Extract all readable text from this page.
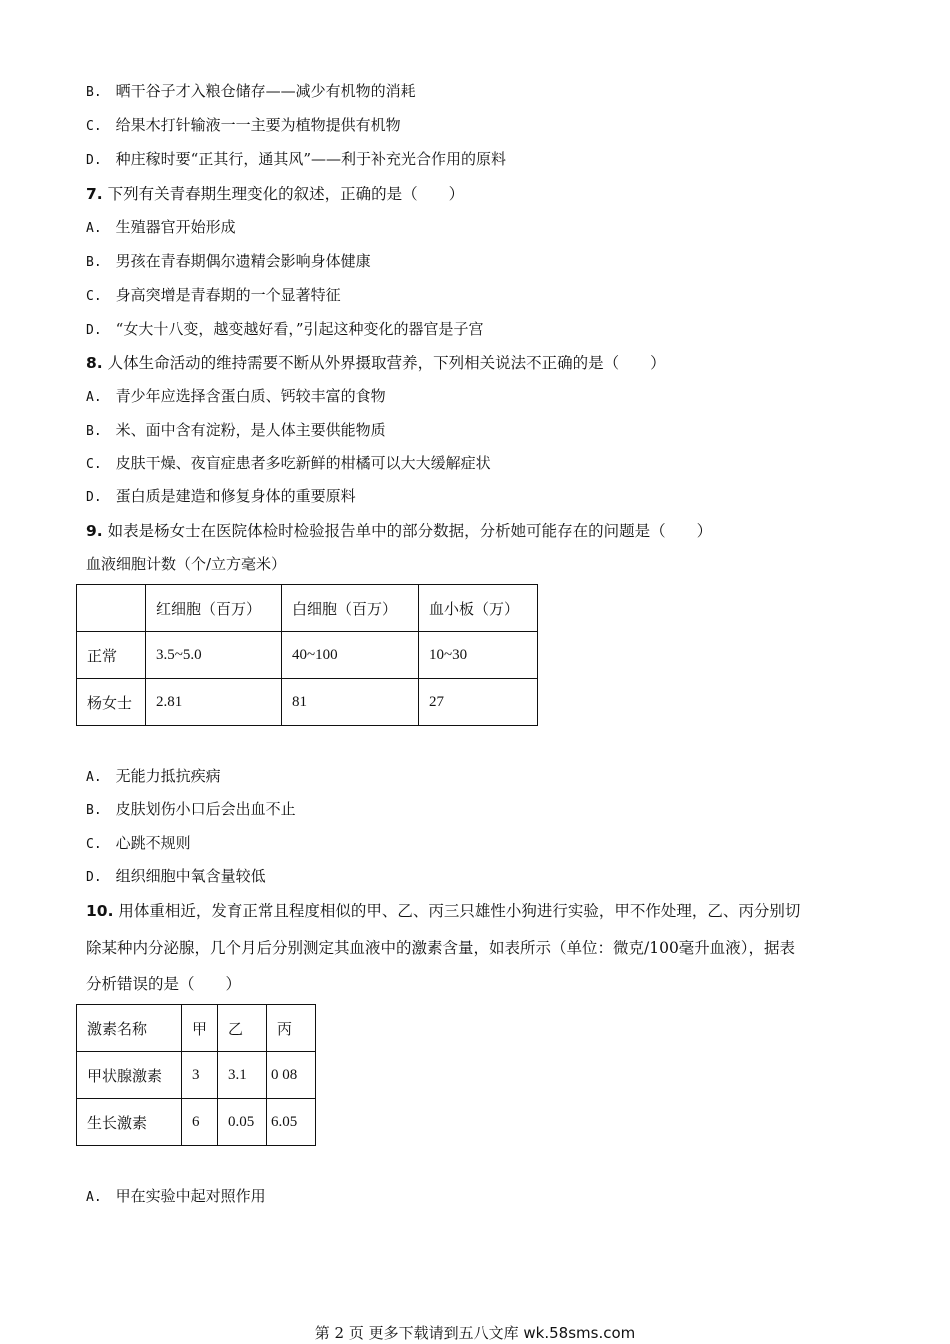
B. 晒干谷子才入粮仓储存——减少有机物的消耗
C. 给果木打针输液一一主要为植物提供有机物
D. 种庄稼时要“正其行，通其风”——利于补充光合作用的原料
7. 下列有关青春期生理变化的叙述，正确的是（　　）
A. 生殖器官开始形成
B. 男孩在青春期偶尔遗精会影响身体健康
C. 身高突增是青春期的一个显著特征
D. “女大十八变，越变越好看，”引起这种变化的器官是子宫
8. 人体生命活动的维持需要不断从外界摄取营养，下列相关说法不正确的是（　　）
A. 青少年应选择含蛋白质、钙较丰富的食物
B. 米、面中含有淀粉，是人体主要供能物质
C. 皮肤干燥、夜盲症患者多吃新鲜的柑橘可以大大缓解症状
D. 蛋白质是建造和修复身体的重要原料
9. 如表是杨女士在医院体检时检验报告单中的部分数据，分析她可能存在的问题是（　　）
血液细胞计数（个/立方毫米）
	红细胞（百万）	白细胞（百万）	血小板（万）
正常	3.5~5.0	40~100	10~30
杨女士	2.81	81	27
A. 无能力抵抗疾病
B. 皮肤划伤小口后会出血不止
C. 心跳不规则
D. 组织细胞中氧含量较低
10. 用体重相近，发育正常且程度相似的甲、乙、丙三只雄性小狗进行实验，甲不作处理，乙、丙分别切
除某种内分泌腺，几个月后分别测定其血液中的激素含量，如表所示（单位：微克/100毫升血液），据表
分析错误的是（　　）
激素名称	甲	乙	丙
甲状腺激素	3	3.1	0 08
生长激素	6	0.05	6.05
A. 甲在实验中起对照作用
第 2 页 更多下载请到五八文库 wk.58sms.com
